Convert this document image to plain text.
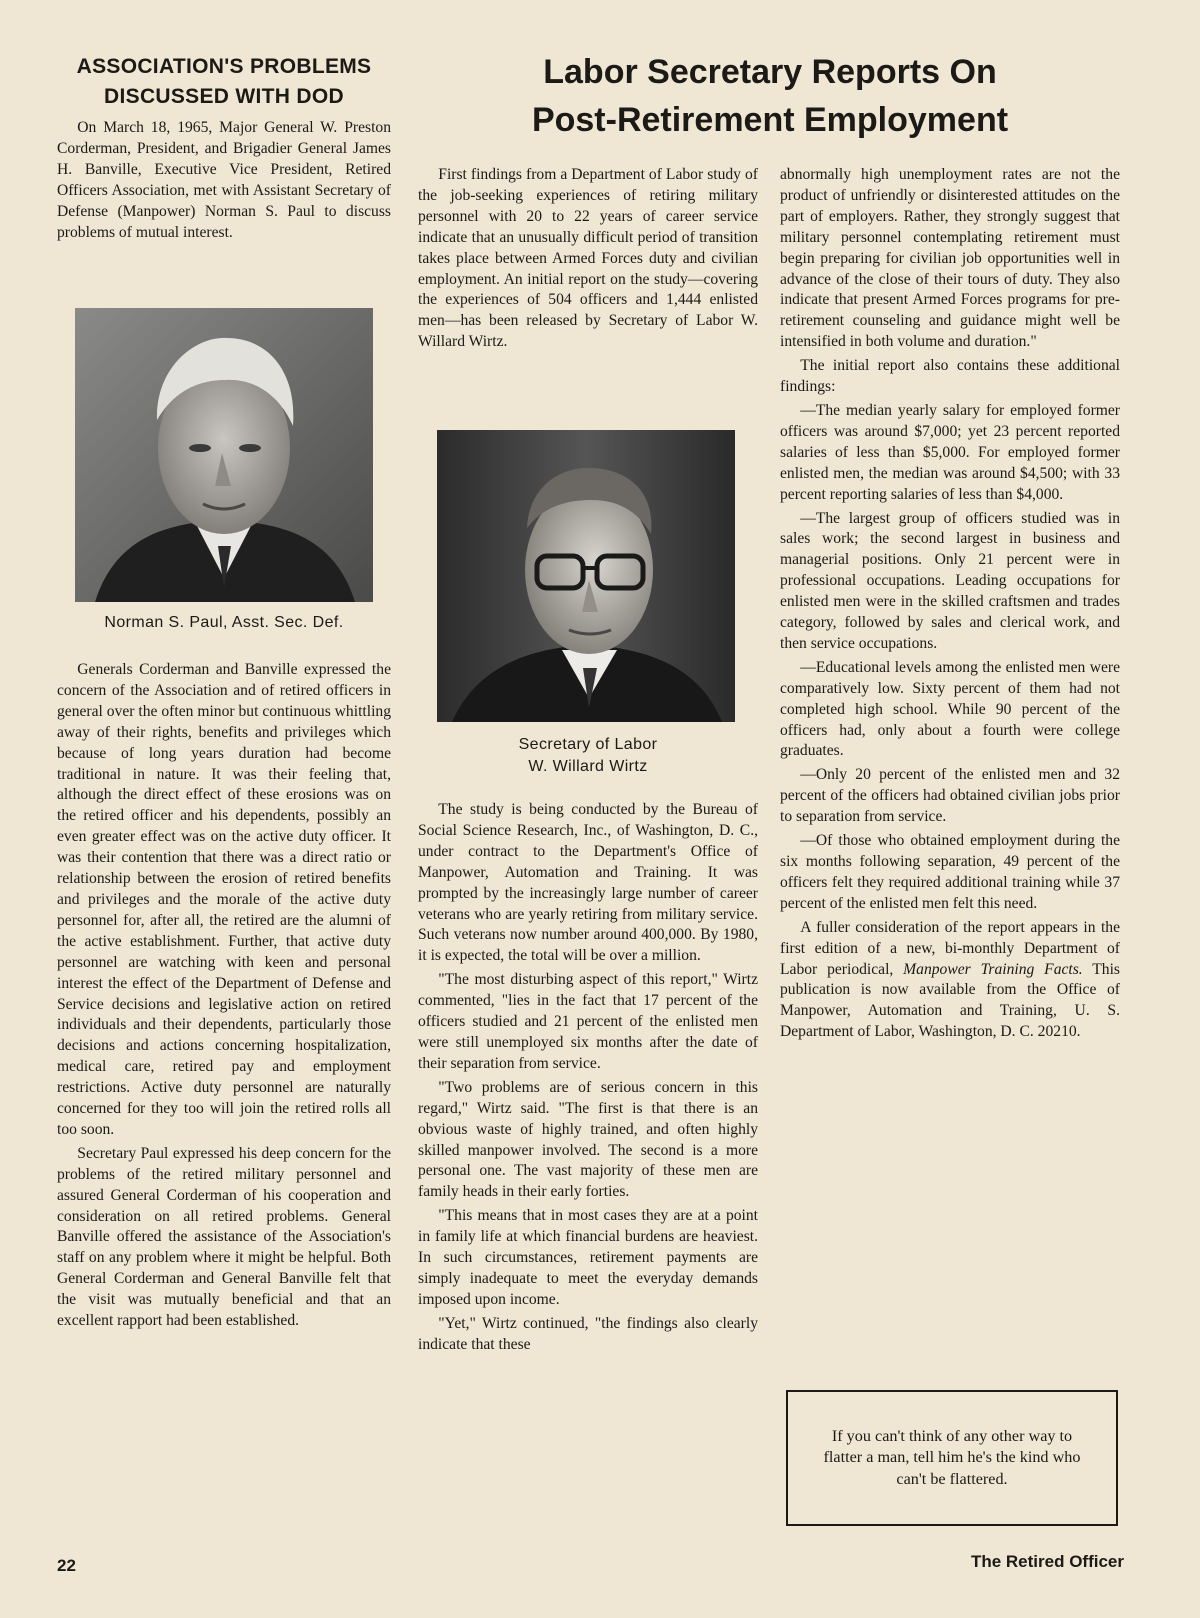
ASSOCIATION'S PROBLEMS DISCUSSED WITH DOD

On March 18, 1965, Major General W. Preston Corderman, President, and Brigadier General James H. Banville, Executive Vice President, Retired Officers Association, met with Assistant Secretary of Defense (Manpower) Norman S. Paul to discuss problems of mutual interest.

Norman S. Paul, Asst. Sec. Def.

Generals Corderman and Banville expressed the concern of the Association and of retired officers in general over the often minor but continuous whittling away of their rights, benefits and privileges which because of long years duration had become traditional in nature. It was their feeling that, although the direct effect of these erosions was on the retired officer and his dependents, possibly an even greater effect was on the active duty officer. It was their contention that there was a direct ratio or relationship between the erosion of retired benefits and privileges and the morale of the active duty personnel for, after all, the retired are the alumni of the active establishment. Further, that active duty personnel are watching with keen and personal interest the effect of the Department of Defense and Service decisions and legislative action on retired individuals and their dependents, particularly those decisions and actions concerning hospitalization, medical care, retired pay and employment restrictions. Active duty personnel are naturally concerned for they too will join the retired rolls all too soon.

Secretary Paul expressed his deep concern for the problems of the retired military personnel and assured General Corderman of his cooperation and consideration on all retired problems. General Banville offered the assistance of the Association's staff on any problem where it might be helpful. Both General Corderman and General Banville felt that the visit was mutually beneficial and that an excellent rapport had been established.

Labor Secretary Reports On
Post-Retirement Employment

First findings from a Department of Labor study of the job-seeking experiences of retiring military personnel with 20 to 22 years of career service indicate that an unusually difficult period of transition takes place between Armed Forces duty and civilian employment. An initial report on the study—covering the experiences of 504 officers and 1,444 enlisted men—has been released by Secretary of Labor W. Willard Wirtz.

Secretary of Labor
W. Willard Wirtz

The study is being conducted by the Bureau of Social Science Research, Inc., of Washington, D. C., under contract to the Department's Office of Manpower, Automation and Training. It was prompted by the increasingly large number of career veterans who are yearly retiring from military service. Such veterans now number around 400,000. By 1980, it is expected, the total will be over a million.

"The most disturbing aspect of this report," Wirtz commented, "lies in the fact that 17 percent of the officers studied and 21 percent of the enlisted men were still unemployed six months after the date of their separation from service.

"Two problems are of serious concern in this regard," Wirtz said. "The first is that there is an obvious waste of highly trained, and often highly skilled manpower involved. The second is a more personal one. The vast majority of these men are family heads in their early forties.

"This means that in most cases they are at a point in family life at which financial burdens are heaviest. In such circumstances, retirement payments are simply inadequate to meet the everyday demands imposed upon income.

"Yet," Wirtz continued, "the findings also clearly indicate that these

abnormally high unemployment rates are not the product of unfriendly or disinterested attitudes on the part of employers. Rather, they strongly suggest that military personnel contemplating retirement must begin preparing for civilian job opportunities well in advance of the close of their tours of duty. They also indicate that present Armed Forces programs for pre-retirement counseling and guidance might well be intensified in both volume and duration."

The initial report also contains these additional findings:

—The median yearly salary for employed former officers was around $7,000; yet 23 percent reported salaries of less than $5,000. For employed former enlisted men, the median was around $4,500; with 33 percent reporting salaries of less than $4,000.

—The largest group of officers studied was in sales work; the second largest in business and managerial positions. Only 21 percent were in professional occupations. Leading occupations for enlisted men were in the skilled craftsmen and trades category, followed by sales and clerical work, and then service occupations.

—Educational levels among the enlisted men were comparatively low. Sixty percent of them had not completed high school. While 90 percent of the officers had, only about a fourth were college graduates.

—Only 20 percent of the enlisted men and 32 percent of the officers had obtained civilian jobs prior to separation from service.

—Of those who obtained employment during the six months following separation, 49 percent of the officers felt they required additional training while 37 percent of the enlisted men felt this need.

A fuller consideration of the report appears in the first edition of a new, bi-monthly Department of Labor periodical, Manpower Training Facts. This publication is now available from the Office of Manpower, Automation and Training, U. S. Department of Labor, Washington, D. C. 20210.

If you can't think of any other way to flatter a man, tell him he's the kind who can't be flattered.
22	The Retired Officer
